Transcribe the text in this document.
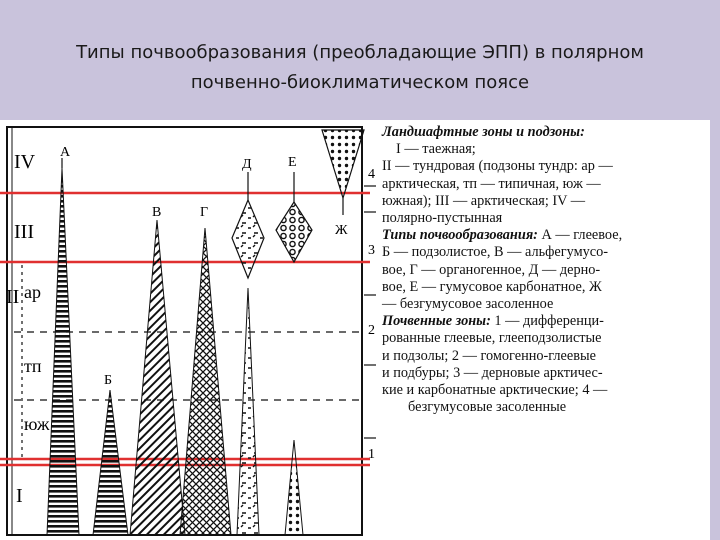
Типы почвообразования (преобладающие ЭПП) в полярном
почвенно-биоклиматическом поясе
IV
III
II ар
тп
юж
I
А
Б
В	Г
Д	Е
Ж
4
3
2
1
Ландшафтные зоны и подзоны:
I — таежная;
II — тундровая (подзоны тундр: ар —
арктическая, тп — типичная, юж —
южная); III — арктическая; IV —
полярно-пустынная
Типы почвообразования: А — глеевое,
Б — подзолистое, В — альфегумусо-
вое, Г — органогенное, Д — дерно-
вое, Е — гумусовое карбонатное, Ж
— безгумусовое засоленное
Почвенные зоны: 1 — дифференци-
рованные глеевые, глееподзолистые
и подзолы; 2 — гомогенно-глеевые
и подбуры; 3 — дерновые арктичес-
кие и карбонатные арктические; 4 —
безгумусовые засоленные
